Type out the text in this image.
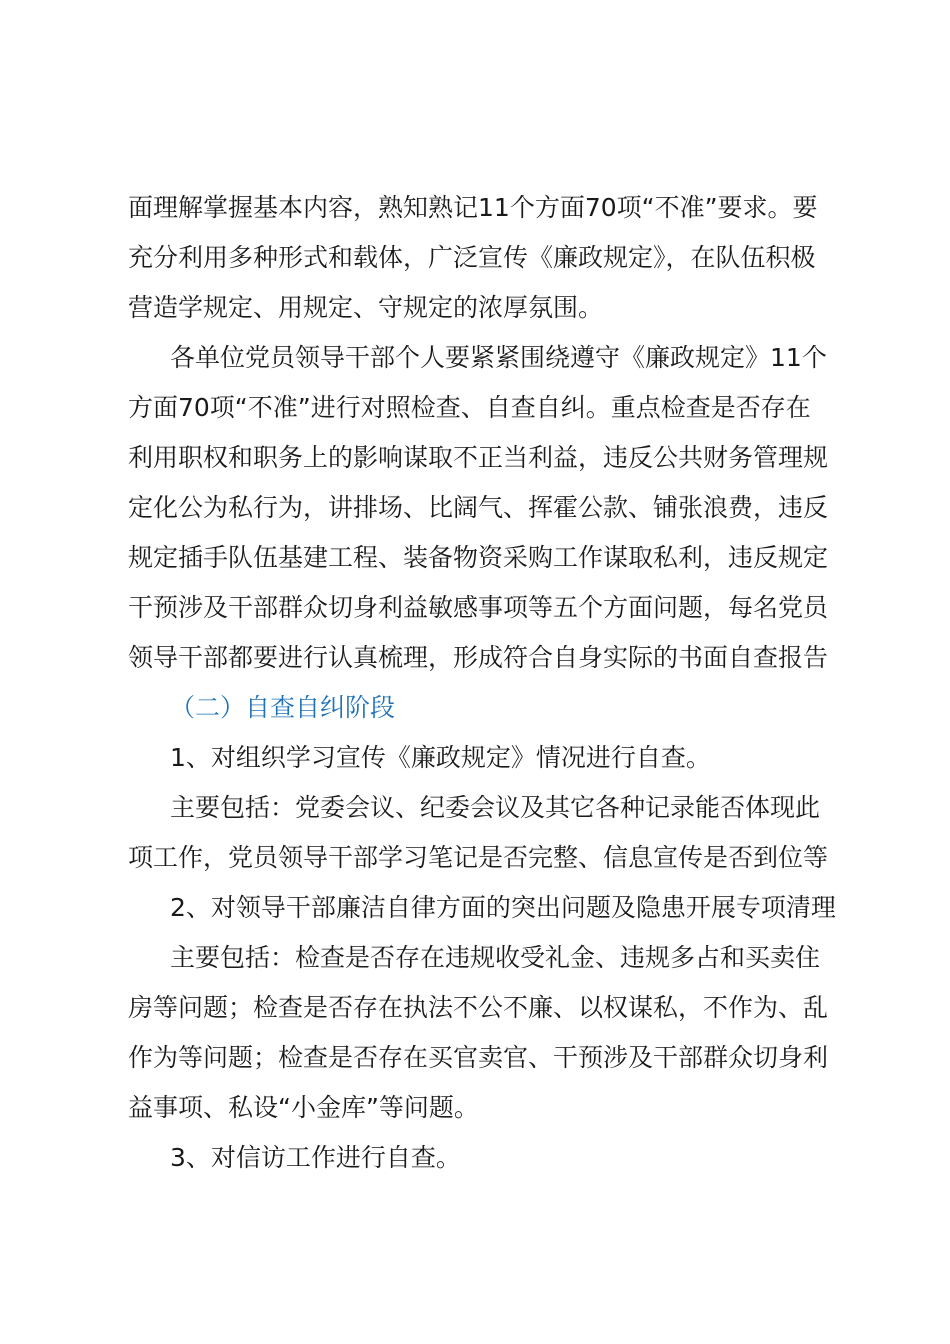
面理解掌握基本内容，熟知熟记11个方面70项“不准”要求。要
充分利用多种形式和载体，广泛宣传《廉政规定》，在队伍积极
营造学规定、用规定、守规定的浓厚氛围。
各单位党员领导干部个人要紧紧围绕遵守《廉政规定》11个
方面70项“不准”进行对照检查、自查自纠。重点检查是否存在
利用职权和职务上的影响谋取不正当利益，违反公共财务管理规
定化公为私行为，讲排场、比阔气、挥霍公款、铺张浪费，违反
规定插手队伍基建工程、装备物资采购工作谋取私利，违反规定
干预涉及干部群众切身利益敏感事项等五个方面问题，每名党员
领导干部都要进行认真梳理，形成符合自身实际的书面自查报告
（二）自查自纠阶段
1、对组织学习宣传《廉政规定》情况进行自查。
主要包括：党委会议、纪委会议及其它各种记录能否体现此
项工作，党员领导干部学习笔记是否完整、信息宣传是否到位等
2、对领导干部廉洁自律方面的突出问题及隐患开展专项清理
主要包括：检查是否存在违规收受礼金、违规多占和买卖住
房等问题；检查是否存在执法不公不廉、以权谋私，不作为、乱
作为等问题；检查是否存在买官卖官、干预涉及干部群众切身利
益事项、私设“小金库”等问题。
3、对信访工作进行自查。
